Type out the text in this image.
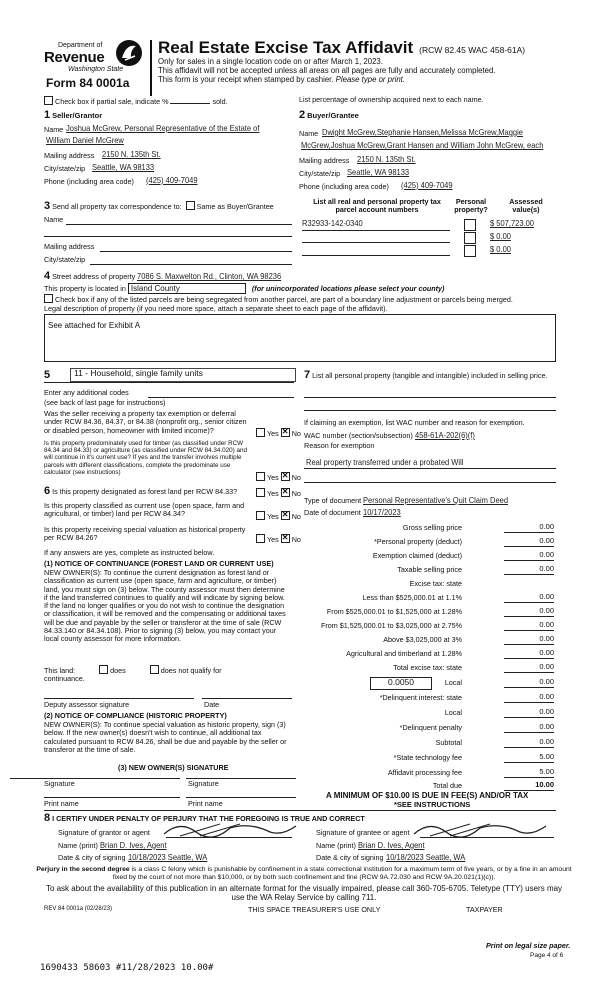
Department of
Revenue
Washington State
Form 84 0001a
Real Estate Excise Tax Affidavit (RCW 82.45 WAC 458-61A)
Only for sales in a single location code on or after March 1, 2023.
This affidavit will not be accepted unless all areas on all pages are fully and accurately completed.
This form is your receipt when stamped by cashier. Please type or print.
Check box if partial sale, indicate %	sold.	List percentage of ownership acquired next to each name.
1 Seller/Grantor
Name Joshua McGrew, Personal Representative of the Estate of
William Daniel McGrew
Mailing address 2150 N. 135th St.
City/state/zip Seattle, WA 98133
Phone (including area code) (425) 409-7049
2 Buyer/Grantee
Name Dwight McGrew,Stephanie Hansen,Melissa McGrew,Maggie
McGrew,Joshua McGrew,Grant Hansen and William John McGrew, each
Mailing address 2150 N. 135th St.
City/state/zip Seattle, WA 98133
Phone (including area code) (425) 409-7049
3 Send all property tax correspondence to: Same as Buyer/Grantee
Name
Mailing address
City/state/zip
List all real and personal property tax
parcel account numbers
Personal
property?
Assessed
value(s)
R32933-142-0340	$ 507,723.00
$ 0.00
$ 0.00
4 Street address of property 7086 S. Maxwelton Rd., Clinton, WA 98236
This property is located in Island County	(for unincorporated locations please select your county)
Check box if any of the listed parcels are being segregated from another parcel, are part of a boundary line adjustment or parcels being merged.
Legal description of property (if you need more space, attach a separate sheet to each page of the affidavit).
See attached for Exhibit A
5	11 - Household, single family units
Enter any additional codes
(see back of last page for instructions)
Was the seller receiving a property tax exemption or deferral under RCW 84.36, 84.37, or 84.38 (nonprofit org., senior citizen or disabled person, homeowner with limited income)?	Yes ✕ No
Is this property predominately used for timber (as classified under RCW 84.34 and 84.33) or agriculture (as classified under RCW 84.34.020) and will continue in it's current use? If yes and the transfer involves multiple parcels with different classifications, complete the predominate use calculator (see instructions)
Yes ✕ No
6 Is this property designated as forest land per RCW 84.33?	Yes ✕ No
Is this property classified as current use (open space, farm and agricultural, or timber) land per RCW 84.34?	Yes ✕ No
Is this property receiving special valuation as historical property per RCW 84.26?	Yes ✕ No
If any answers are yes, complete as instructed below.
(1) NOTICE OF CONTINUANCE (FOREST LAND OR CURRENT USE)
NEW OWNER(S): To continue the current designation as forest land or classification as current use (open space, farm and agriculture, or timber) land, you must sign on (3) below. The county assessor must then determine if the land transferred continues to qualify and will indicate by signing below. If the land no longer qualifies or you do not wish to continue the designation or classification, it will be removed and the compensating or additional taxes will be due and payable by the seller or transferor at the time of sale (RCW 84.33.140 or 84.34.108). Prior to signing (3) below, you may contact your local county assessor for more information.
This land:	does	does not qualify for
continuance.
Deputy assessor signature	Date
(2) NOTICE OF COMPLIANCE (HISTORIC PROPERTY)
NEW OWNER(S): To continue special valuation as historic property, sign (3) below. If the new owner(s) doesn't wish to continue, all additional tax calculated pursuant to RCW 84.26, shall be due and payable by the seller or transferor at the time of sale.
(3) NEW OWNER(S) SIGNATURE
Signature	Signature
Print name	Print name
7 List all personal property (tangible and intangible) included in selling price.
If claiming an exemption, list WAC number and reason for exemption.
WAC number (section/subsection) 458-61A-202(6)(f)
Reason for exemption
Real property transferred under a probated Will
Type of document Personal Representative's Quit Claim Deed
Date of document 10/17/2023
Gross selling price	0.00
*Personal property (deduct)	0.00
Exemption claimed (deduct)	0.00
Taxable selling price	0.00
Excise tax: state
Less than $525,000.01 at 1.1%	0.00
From $525,000.01 to $1,525,000 at 1.28%	0.00
From $1,525,000.01 to $3,025,000 at 2.75%	0.00
Above $3,025,000 at 3%	0.00
Agricultural and timberland at 1.28%	0.00
Total excise tax: state	0.00
0.0050	Local	0.00
*Delinquent interest: state	0.00
Local	0.00
*Delinquent penalty	0.00
Subtotal	0.00
*State technology fee	5.00
Affidavit processing fee	5.00
Total due	10.00
A MINIMUM OF $10.00 IS DUE IN FEE(S) AND/OR TAX
*SEE INSTRUCTIONS
8 I CERTIFY UNDER PENALTY OF PERJURY THAT THE FOREGOING IS TRUE AND CORRECT
Signature of grantor or agent	Signature of grantee or agent
Name (print) Brian D. Ives, Agent	Name (print) Brian D. Ives, Agent
Date & city of signing 10/18/2023 Seattle, WA	Date & city of signing 10/18/2023 Seattle, WA
Perjury in the second degree is a class C felony which is punishable by confinement in a state correctional institution for a maximum term of five years, or by a fine in an amount fixed by the court of not more than $10,000, or by both such confinement and fine (RCW 9A.72.030 and RCW 9A.20.021(1)(c)).
To ask about the availability of this publication in an alternate format for the visually impaired, please call 360-705-6705. Teletype (TTY) users may use the WA Relay Service by calling 711.
REV 84 0001a (02/28/23)	THIS SPACE TREASURER'S USE ONLY	TAXPAYER
Print on legal size paper.
Page 4 of 6
1690433 58603 #11/28/2023 10.00#
